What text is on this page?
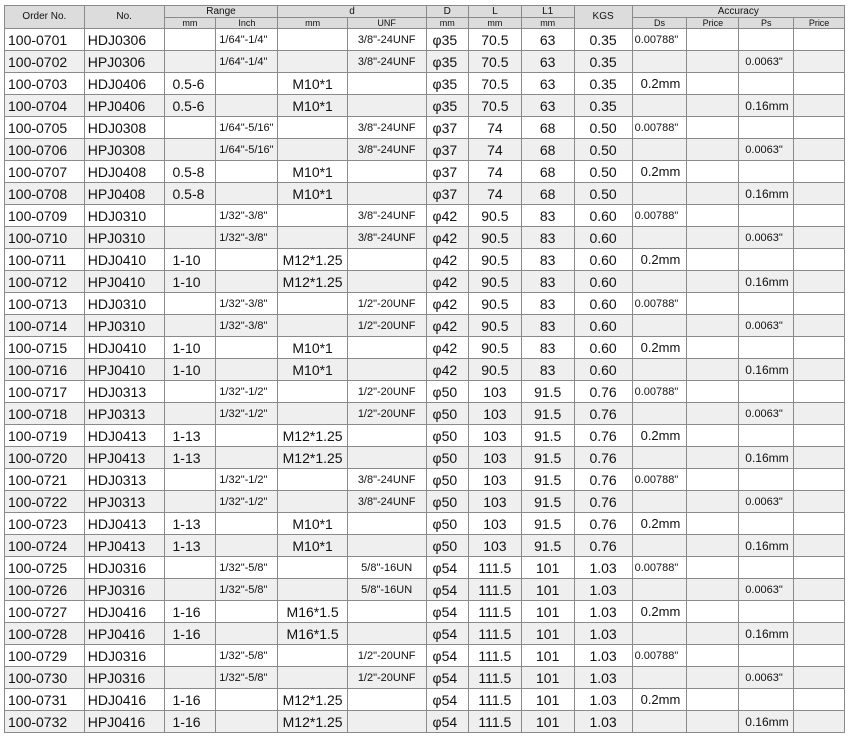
Order No.	No.	Range		d		D	L	L1	KGS	Accuracy			
		mm	Inch	mm	UNF	mm	mm	mm		Ds	Price	Ps	Price
100-0701	HDJ0306		1/64"-1/4"		3/8"-24UNF	φ35	70.5	63	0.35	0.00788"			
100-0702	HPJ0306		1/64"-1/4"		3/8"-24UNF	φ35	70.5	63	0.35			0.0063"	
100-0703	HDJ0406	0.5-6		M10*1		φ35	70.5	63	0.35	0.2mm			
100-0704	HPJ0406	0.5-6		M10*1		φ35	70.5	63	0.35			0.16mm	
100-0705	HDJ0308		1/64"-5/16"		3/8"-24UNF	φ37	74	68	0.50	0.00788"			
100-0706	HPJ0308		1/64"-5/16"		3/8"-24UNF	φ37	74	68	0.50			0.0063"	
100-0707	HDJ0408	0.5-8		M10*1		φ37	74	68	0.50	0.2mm			
100-0708	HPJ0408	0.5-8		M10*1		φ37	74	68	0.50			0.16mm	
100-0709	HDJ0310		1/32"-3/8"		3/8"-24UNF	φ42	90.5	83	0.60	0.00788"			
100-0710	HPJ0310		1/32"-3/8"		3/8"-24UNF	φ42	90.5	83	0.60			0.0063"	
100-0711	HDJ0410	1-10		M12*1.25		φ42	90.5	83	0.60	0.2mm			
100-0712	HPJ0410	1-10		M12*1.25		φ42	90.5	83	0.60			0.16mm	
100-0713	HDJ0310		1/32"-3/8"		1/2"-20UNF	φ42	90.5	83	0.60	0.00788"			
100-0714	HPJ0310		1/32"-3/8"		1/2"-20UNF	φ42	90.5	83	0.60			0.0063"	
100-0715	HDJ0410	1-10		M10*1		φ42	90.5	83	0.60	0.2mm			
100-0716	HPJ0410	1-10		M10*1		φ42	90.5	83	0.60			0.16mm	
100-0717	HDJ0313		1/32"-1/2"		1/2"-20UNF	φ50	103	91.5	0.76	0.00788"			
100-0718	HPJ0313		1/32"-1/2"		1/2"-20UNF	φ50	103	91.5	0.76			0.0063"	
100-0719	HDJ0413	1-13		M12*1.25		φ50	103	91.5	0.76	0.2mm			
100-0720	HPJ0413	1-13		M12*1.25		φ50	103	91.5	0.76			0.16mm	
100-0721	HDJ0313		1/32"-1/2"		3/8"-24UNF	φ50	103	91.5	0.76	0.00788"			
100-0722	HPJ0313		1/32"-1/2"		3/8"-24UNF	φ50	103	91.5	0.76			0.0063"	
100-0723	HDJ0413	1-13		M10*1		φ50	103	91.5	0.76	0.2mm			
100-0724	HPJ0413	1-13		M10*1		φ50	103	91.5	0.76			0.16mm	
100-0725	HDJ0316		1/32"-5/8"		5/8"-16UN	φ54	111.5	101	1.03	0.00788"			
100-0726	HPJ0316		1/32"-5/8"		5/8"-16UN	φ54	111.5	101	1.03			0.0063"	
100-0727	HDJ0416	1-16		M16*1.5		φ54	111.5	101	1.03	0.2mm			
100-0728	HPJ0416	1-16		M16*1.5		φ54	111.5	101	1.03			0.16mm	
100-0729	HDJ0316		1/32"-5/8"		1/2"-20UNF	φ54	111.5	101	1.03	0.00788"			
100-0730	HPJ0316		1/32"-5/8"		1/2"-20UNF	φ54	111.5	101	1.03			0.0063"	
100-0731	HDJ0416	1-16		M12*1.25		φ54	111.5	101	1.03	0.2mm			
100-0732	HPJ0416	1-16		M12*1.25		φ54	111.5	101	1.03			0.16mm	
